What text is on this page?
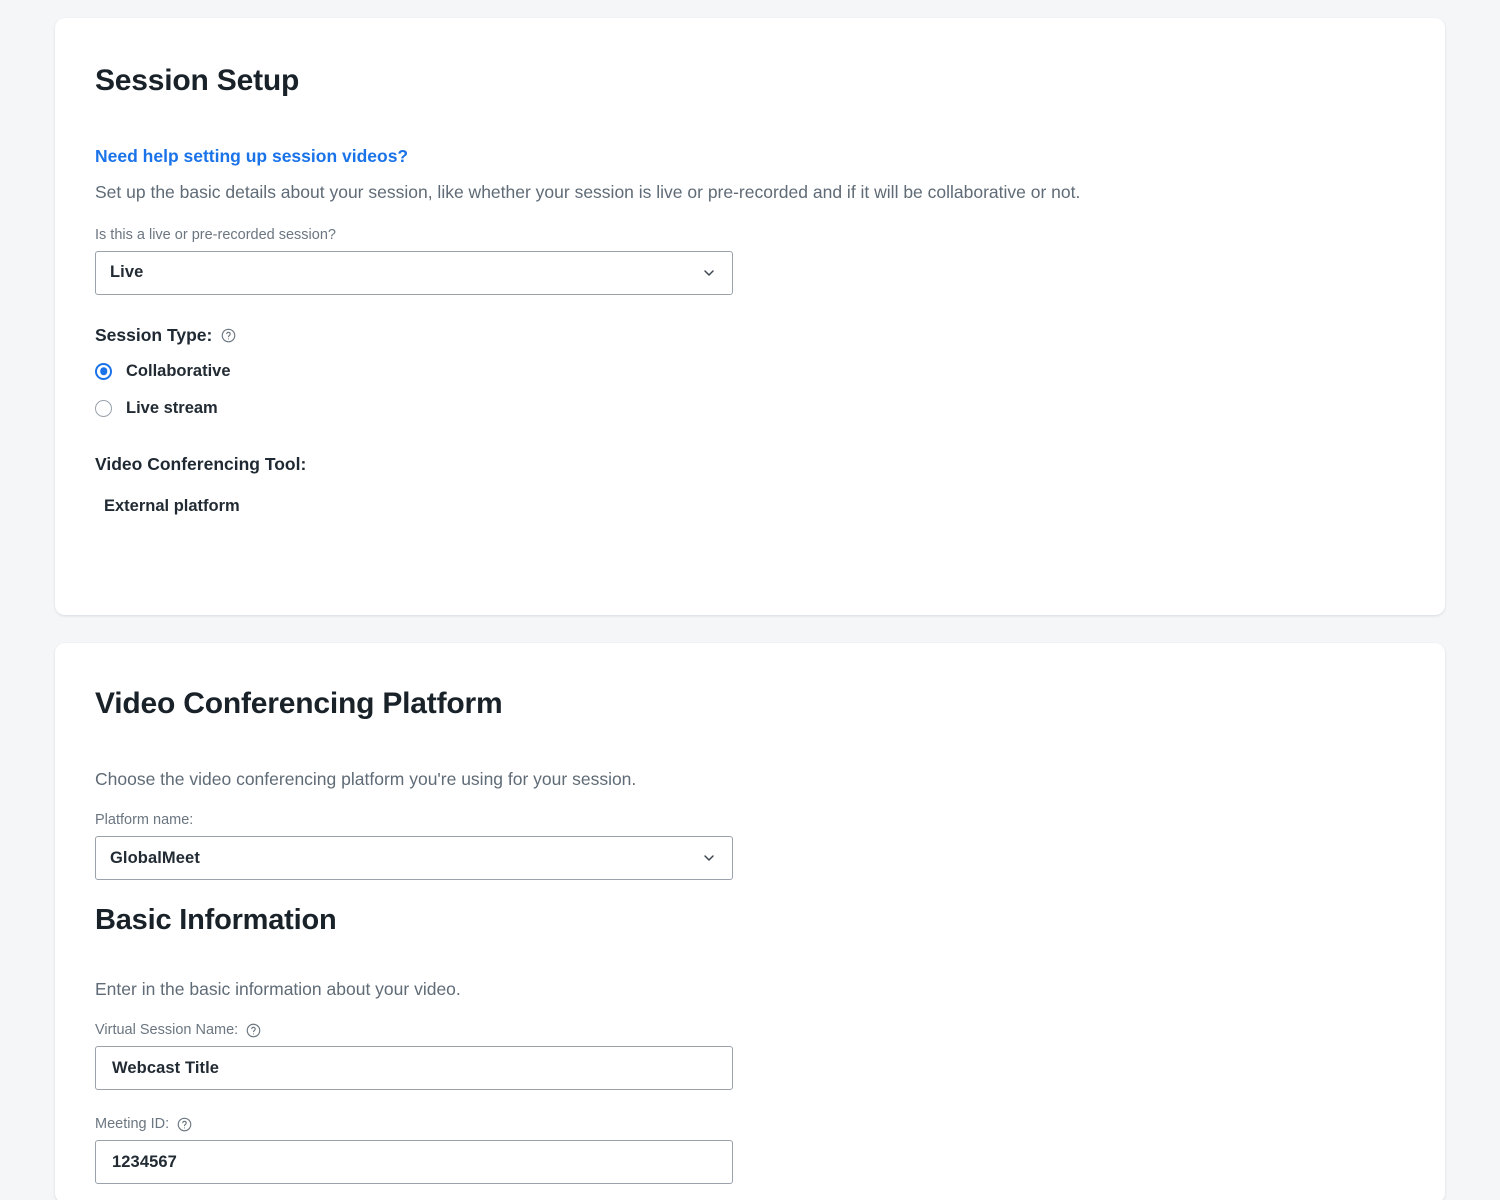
Session Setup
Need help setting up session videos?

Set up the basic details about your session, like whether your session is live or pre-recorded and if it will be collaborative or not.

Is this a live or pre-recorded session?
Live
Session Type:
Collaborative
Live stream
Video Conferencing Tool:
External platform
Video Conferencing Platform

Choose the video conferencing platform you're using for your session.

Platform name:
GlobalMeet
Basic Information

Enter in the basic information about your video.

Virtual Session Name:
Webcast Title
Meeting ID:
1234567
